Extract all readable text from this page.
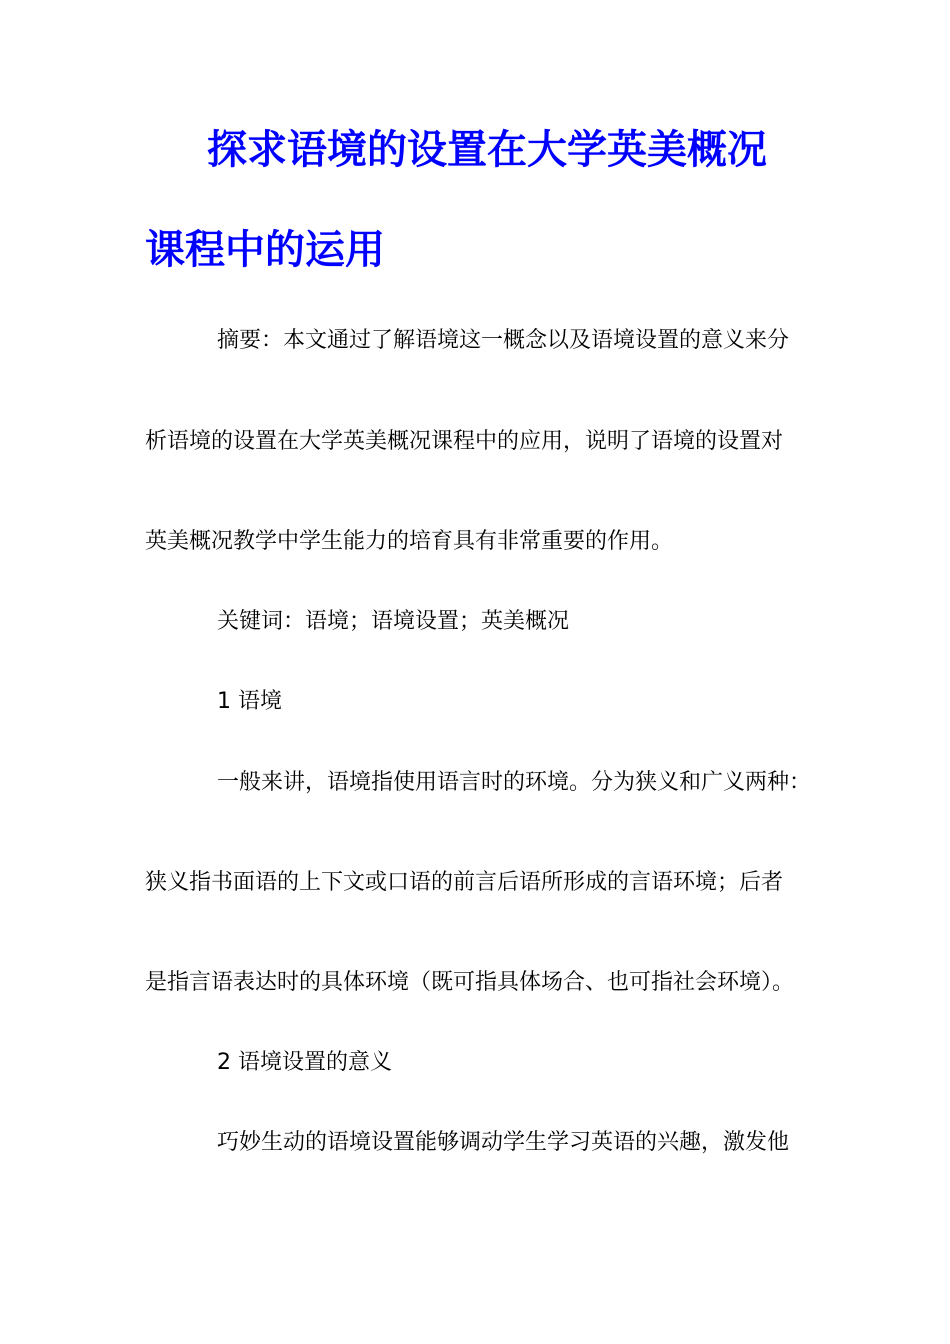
探求语境的设置在大学英美概况
课程中的运用
摘要：本文通过了解语境这一概念以及语境设置的意义来分
析语境的设置在大学英美概况课程中的应用，说明了语境的设置对
英美概况教学中学生能力的培育具有非常重要的作用。
关键词：语境；语境设置；英美概况
1 语境
一般来讲，语境指使用语言时的环境。分为狭义和广义两种：
狭义指书面语的上下文或口语的前言后语所形成的言语环境；后者
是指言语表达时的具体环境（既可指具体场合、也可指社会环境）。
2 语境设置的意义
巧妙生动的语境设置能够调动学生学习英语的兴趣，激发他
